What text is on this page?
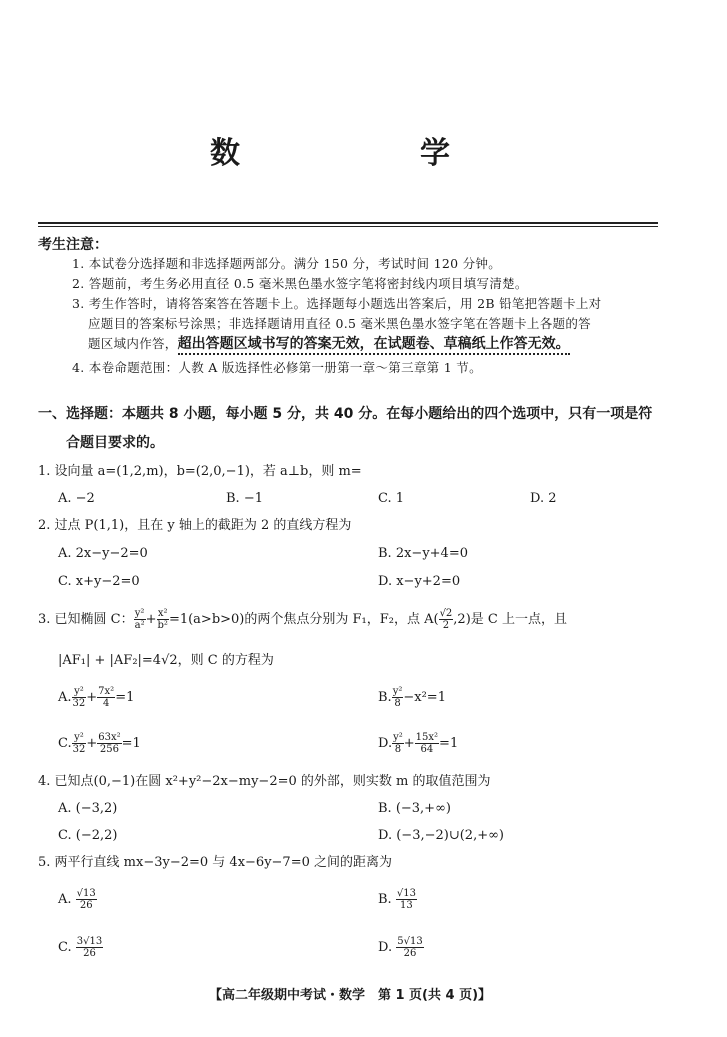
数　　学
考生注意：
1. 本试卷分选择题和非选择题两部分。满分 150 分，考试时间 120 分钟。
2. 答题前，考生务必用直径 0.5 毫米黑色墨水签字笔将密封线内项目填写清楚。
3. 考生作答时，请将答案答在答题卡上。选择题每小题选出答案后，用 2B 铅笔把答题卡上对
应题目的答案标号涂黑；非选择题请用直径 0.5 毫米黑色墨水签字笔在答题卡上各题的答
题区域内作答，超出答题区域书写的答案无效，在试题卷、草稿纸上作答无效。
4. 本卷命题范围：人教 A 版选择性必修第一册第一章～第三章第 1 节。
一、选择题：本题共 8 小题，每小题 5 分，共 40 分。在每小题给出的四个选项中，只有一项是符
合题目要求的。
1. 设向量 a=(1,2,m)，b=(2,0,−1)，若 a⊥b，则 m=
A. −2	B. −1	C. 1	D. 2
2. 过点 P(1,1)，且在 y 轴上的截距为 2 的直线方程为
A. 2x−y−2=0	B. 2x−y+4=0
C. x+y−2=0	D. x−y+2=0
3. 已知椭圆 C： $\frac{\text{y²}}{\text{a²}} + \frac{\text{x²}}{\text{b²}} =1(a>b>0)$的两个焦点分别为 F₁，F₂，点 $A( \frac{√2}{2} ,2)$是 C 上一点，且
|AF₁| + |AF₂|=4√2，则 C 的方程为
A. $\frac{\text{y²}}{32} + \frac{\text{7x²}}{4} =1$	B. $\frac{\text{y²}}{8} -x^2=1$
C. $\frac{\text{y²}}{32} + \frac{\text{63x²}}{256} =1$	D. $\frac{\text{y²}}{8} + \frac{\text{15x²}}{64} =1$
4. 已知点(0,−1)在圆 x²+y²−2x−my−2=0 的外部，则实数 m 的取值范围为
A. (−3,2)	B. (−3,+∞)
C. (−2,2)	D. (−3,−2)∪(2,+∞)
5. 两平行直线 mx−3y−2=0 与 4x−6y−7=0 之间的距离为
A. $\frac{√13}{26}$	B. $\frac{√13}{13}$
C. $\frac{3√13}{26}$	D. $\frac{5√13}{26}$
【高二年级期中考试・数学　第 1 页(共 4 页)】
